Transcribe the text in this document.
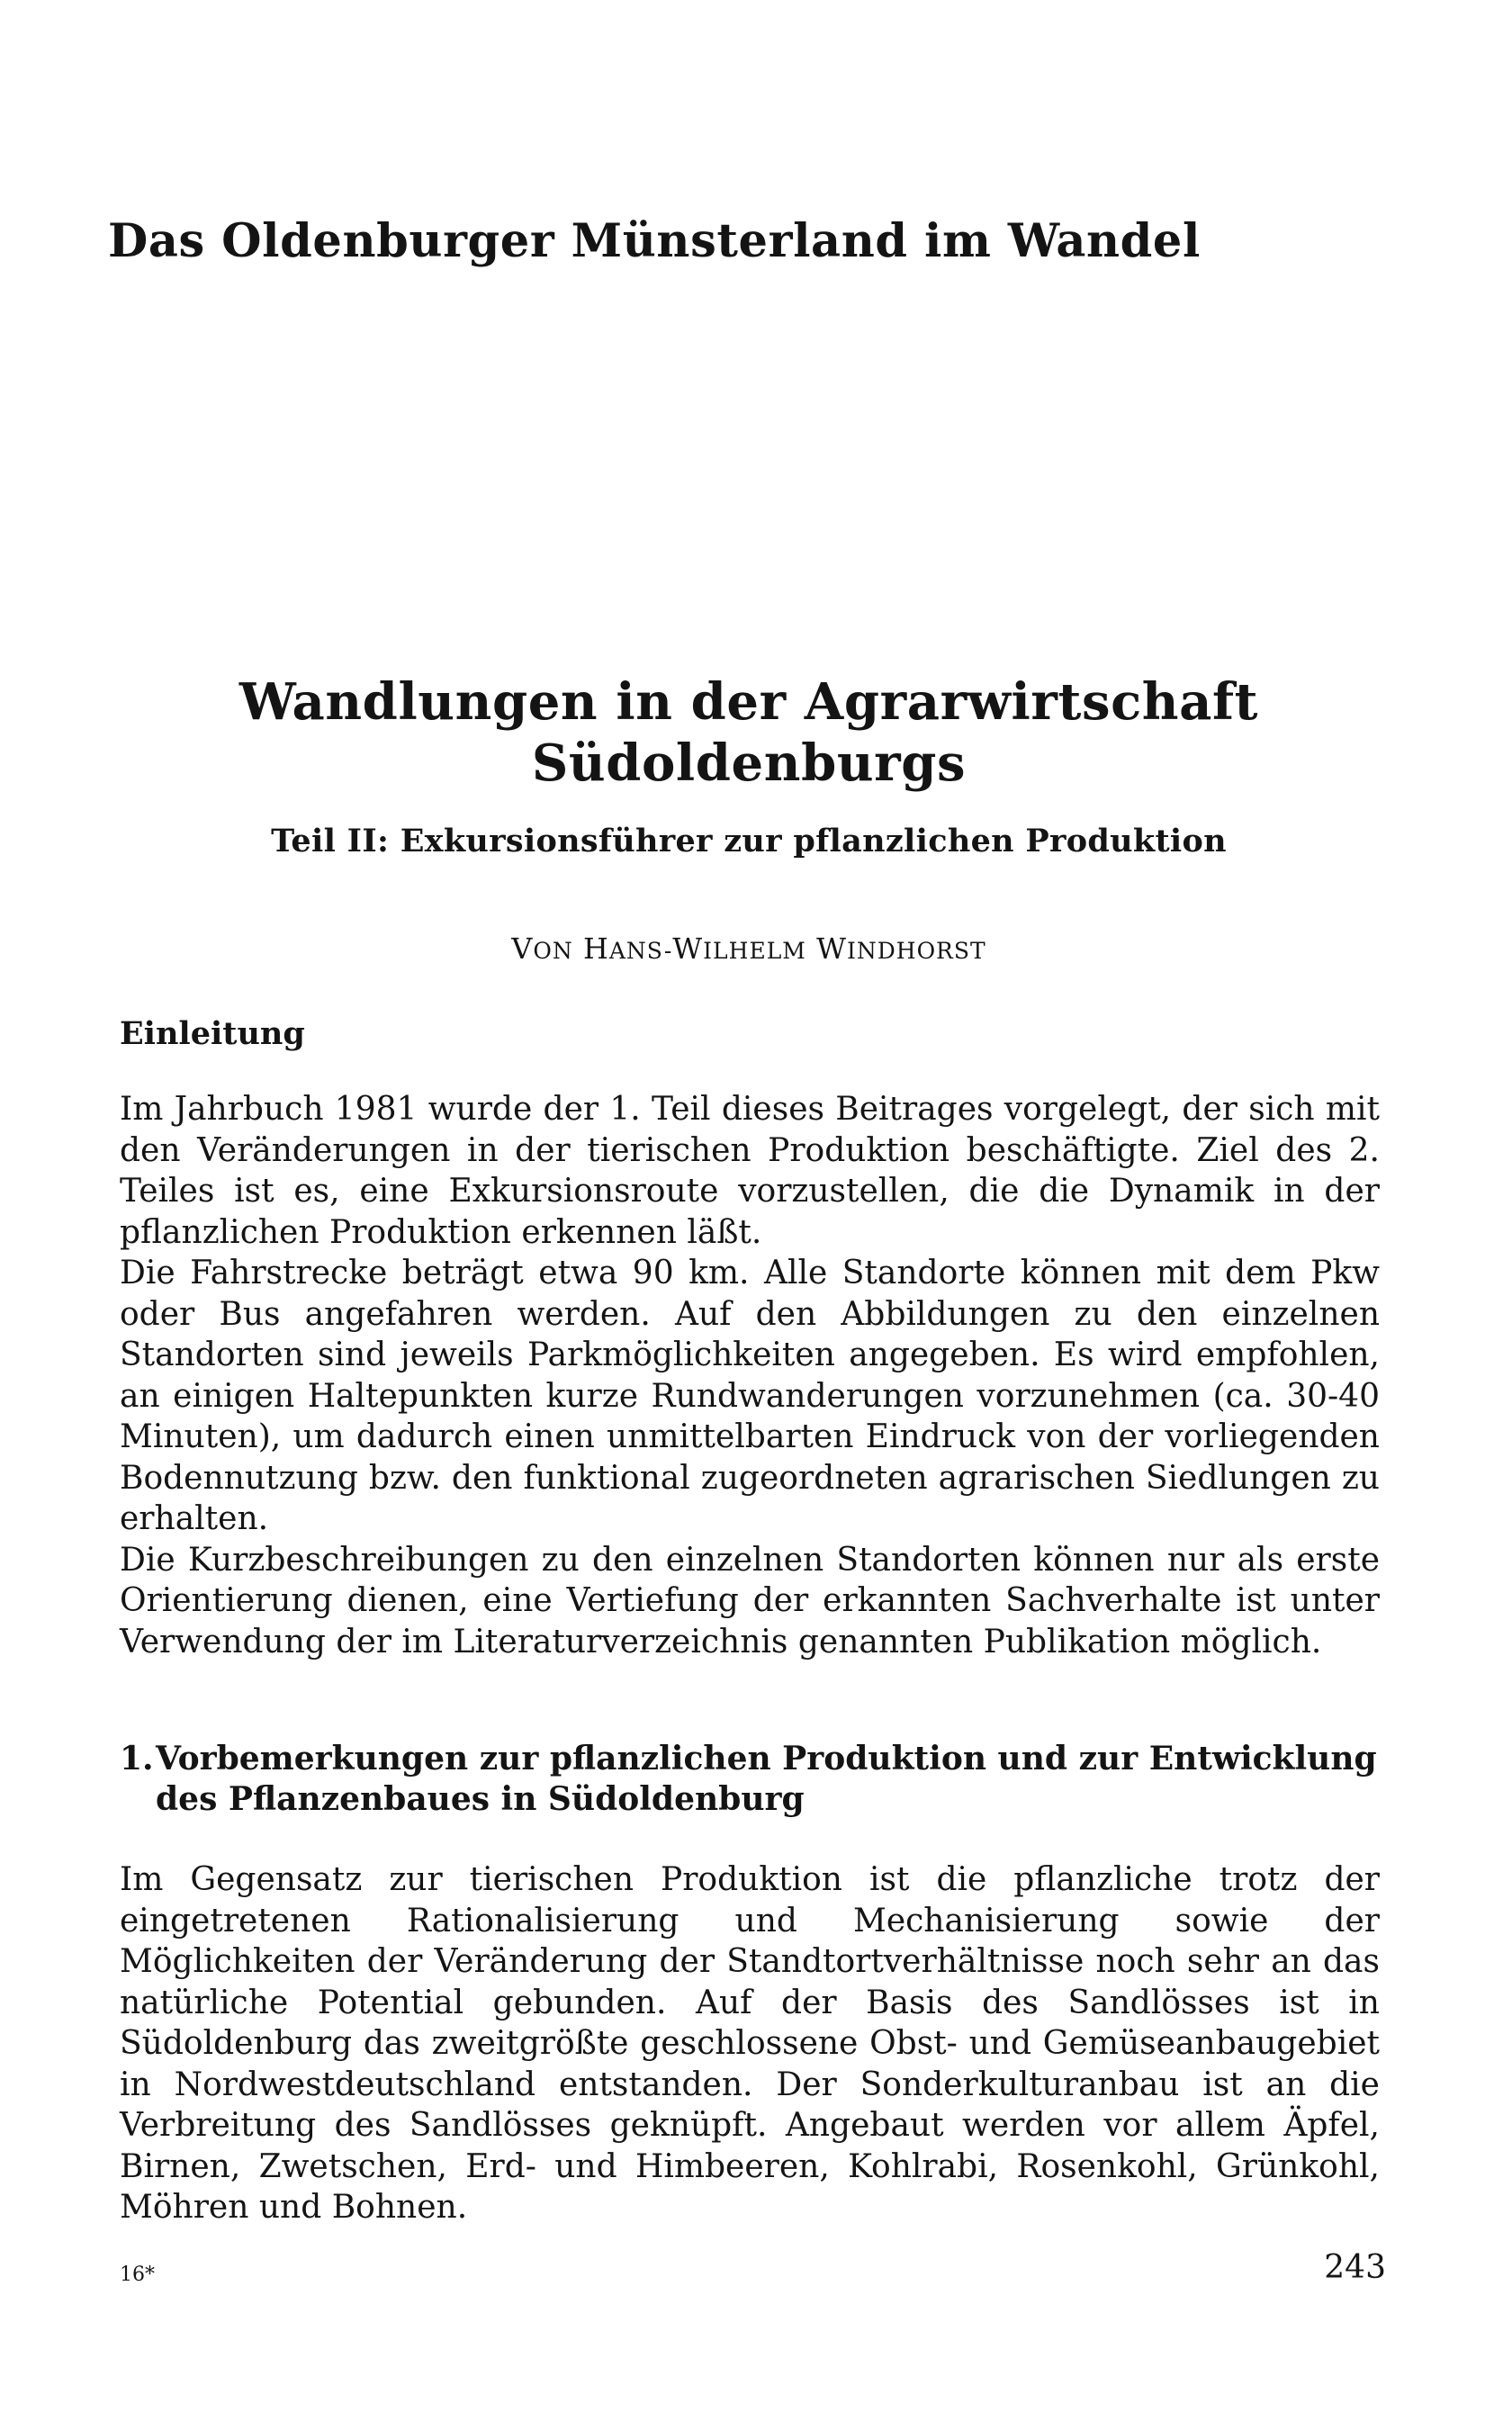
Das Oldenburger Münsterland im Wandel
Wandlungen in der Agrarwirtschaft
Südoldenburgs
Teil II: Exkursionsführer zur pflanzlichen Produktion
VON HANS-WILHELM WINDHORST
Einleitung

Im Jahrbuch 1981 wurde der 1. Teil dieses Beitrages vorgelegt, der sich mit den Veränderungen in der tierischen Produktion beschäftigte. Ziel des 2. Teiles ist es, eine Exkursionsroute vorzustellen, die die Dynamik in der pflanzlichen Produktion erkennen läßt.

Die Fahrstrecke beträgt etwa 90 km. Alle Standorte können mit dem Pkw oder Bus angefahren werden. Auf den Abbildungen zu den einzelnen Standorten sind jeweils Parkmöglichkeiten angegeben. Es wird empfohlen, an einigen Haltepunkten kurze Rundwanderungen vorzunehmen (ca. 30-40 Minuten), um dadurch einen unmittelbarten Eindruck von der vorliegenden Bodennutzung bzw. den funktional zugeordneten agrarischen Siedlungen zu erhalten.

Die Kurzbeschreibungen zu den einzelnen Standorten können nur als erste Orientierung dienen, eine Vertiefung der erkannten Sachverhalte ist unter Verwendung der im Literaturverzeichnis genannten Publikation möglich.

1.Vorbemerkungen zur pflanzlichen Produktion und zur Entwicklung
des Pflanzenbaues in Südoldenburg

Im Gegensatz zur tierischen Produktion ist die pflanzliche trotz der eingetretenen Rationalisierung und Mechanisierung sowie der Möglichkeiten der Veränderung der Standtortverhältnisse noch sehr an das natürliche Potential gebunden. Auf der Basis des Sandlösses ist in Südoldenburg das zweitgrößte geschlossene Obst- und Gemüseanbaugebiet in Nordwestdeutschland entstanden. Der Sonderkulturanbau ist an die Verbreitung des Sandlösses geknüpft. Angebaut werden vor allem Äpfel, Birnen, Zwetschen, Erd- und Himbeeren, Kohlrabi, Rosenkohl, Grünkohl, Möhren und Bohnen.

16*	243
